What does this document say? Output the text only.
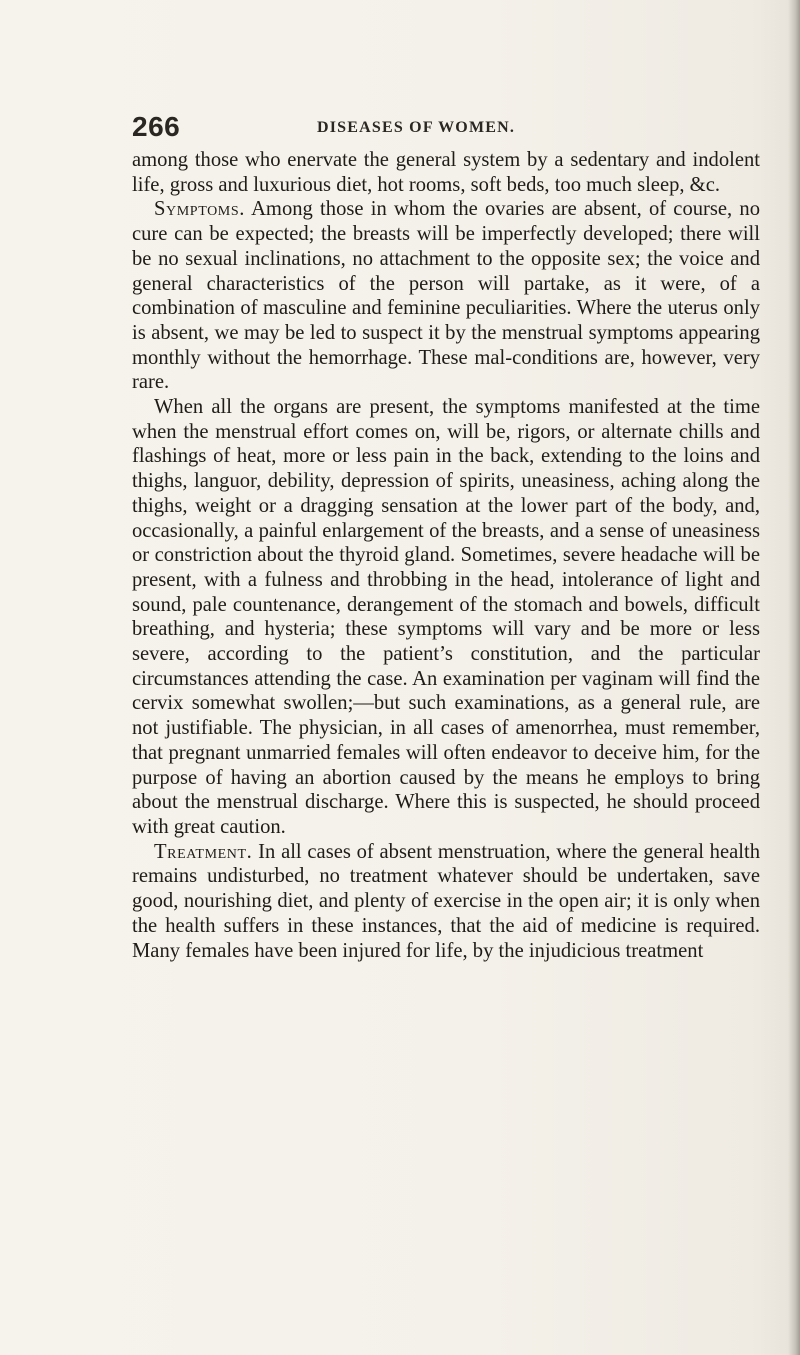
266	DISEASES OF WOMEN.

among those who enervate the general system by a sedentary and indolent life, gross and luxurious diet, hot rooms, soft beds, too much sleep, &c.

Symptoms. Among those in whom the ovaries are absent, of course, no cure can be expected; the breasts will be imperfectly developed; there will be no sexual inclinations, no attachment to the opposite sex; the voice and general characteristics of the person will partake, as it were, of a combination of masculine and feminine peculiarities. Where the uterus only is absent, we may be led to suspect it by the menstrual symptoms appearing monthly without the hemorrhage. These mal-conditions are, however, very rare.

When all the organs are present, the symptoms manifested at the time when the menstrual effort comes on, will be, rigors, or alternate chills and flashings of heat, more or less pain in the back, extending to the loins and thighs, languor, debility, depression of spirits, uneasiness, aching along the thighs, weight or a dragging sensation at the lower part of the body, and, occasionally, a painful enlargement of the breasts, and a sense of uneasiness or constriction about the thyroid gland. Sometimes, severe headache will be present, with a fulness and throbbing in the head, intolerance of light and sound, pale countenance, derangement of the stomach and bowels, difficult breathing, and hysteria; these symptoms will vary and be more or less severe, according to the patient’s constitution, and the particular circumstances attending the case. An examination per vaginam will find the cervix somewhat swollen;—but such examinations, as a general rule, are not justifiable. The physician, in all cases of amenorrhea, must remember, that pregnant unmarried females will often endeavor to deceive him, for the purpose of having an abortion caused by the means he employs to bring about the menstrual discharge. Where this is suspected, he should proceed with great caution.

Treatment. In all cases of absent menstruation, where the general health remains undisturbed, no treatment whatever should be undertaken, save good, nourishing diet, and plenty of exercise in the open air; it is only when the health suffers in these instances, that the aid of medicine is required. Many females have been injured for life, by the injudicious treatment
